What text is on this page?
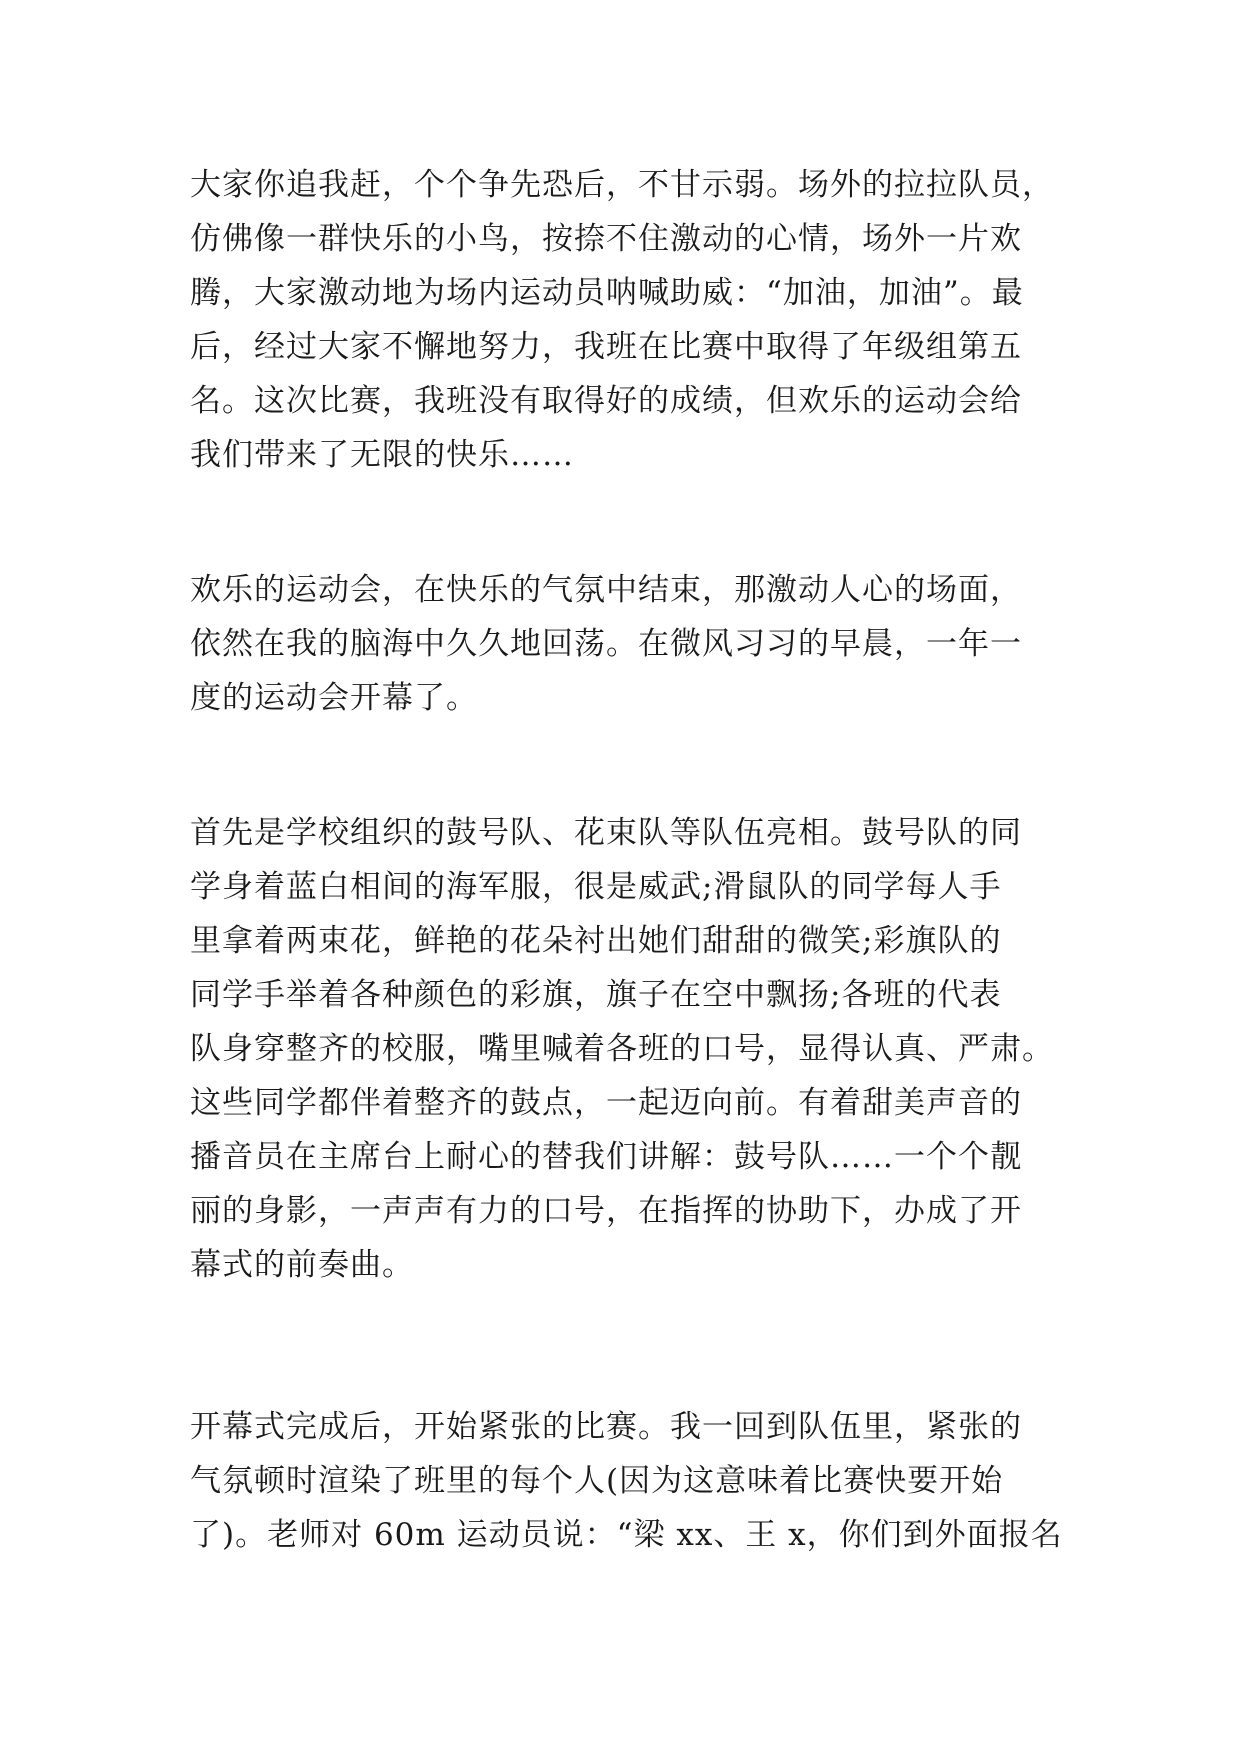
大家你追我赶，个个争先恐后，不甘示弱。场外的拉拉队员，
仿佛像一群快乐的小鸟，按捺不住激动的心情，场外一片欢
腾，大家激动地为场内运动员呐喊助威：“加油，加油”。最
后，经过大家不懈地努力，我班在比赛中取得了年级组第五
名。这次比赛，我班没有取得好的成绩，但欢乐的运动会给
我们带来了无限的快乐……

欢乐的运动会，在快乐的气氛中结束，那激动人心的场面，
依然在我的脑海中久久地回荡。在微风习习的早晨，一年一
度的运动会开幕了。

首先是学校组织的鼓号队、花束队等队伍亮相。鼓号队的同
学身着蓝白相间的海军服，很是威武;滑鼠队的同学每人手
里拿着两束花，鲜艳的花朵衬出她们甜甜的微笑;彩旗队的
同学手举着各种颜色的彩旗，旗子在空中飘扬;各班的代表
队身穿整齐的校服，嘴里喊着各班的口号，显得认真、严肃。
这些同学都伴着整齐的鼓点，一起迈向前。有着甜美声音的
播音员在主席台上耐心的替我们讲解：鼓号队……一个个靓
丽的身影，一声声有力的口号，在指挥的协助下，办成了开
幕式的前奏曲。

开幕式完成后，开始紧张的比赛。我一回到队伍里，紧张的
气氛顿时渲染了班里的每个人(因为这意味着比赛快要开始
了)。老师对 60m 运动员说：“梁 xx、王 x，你们到外面报名
